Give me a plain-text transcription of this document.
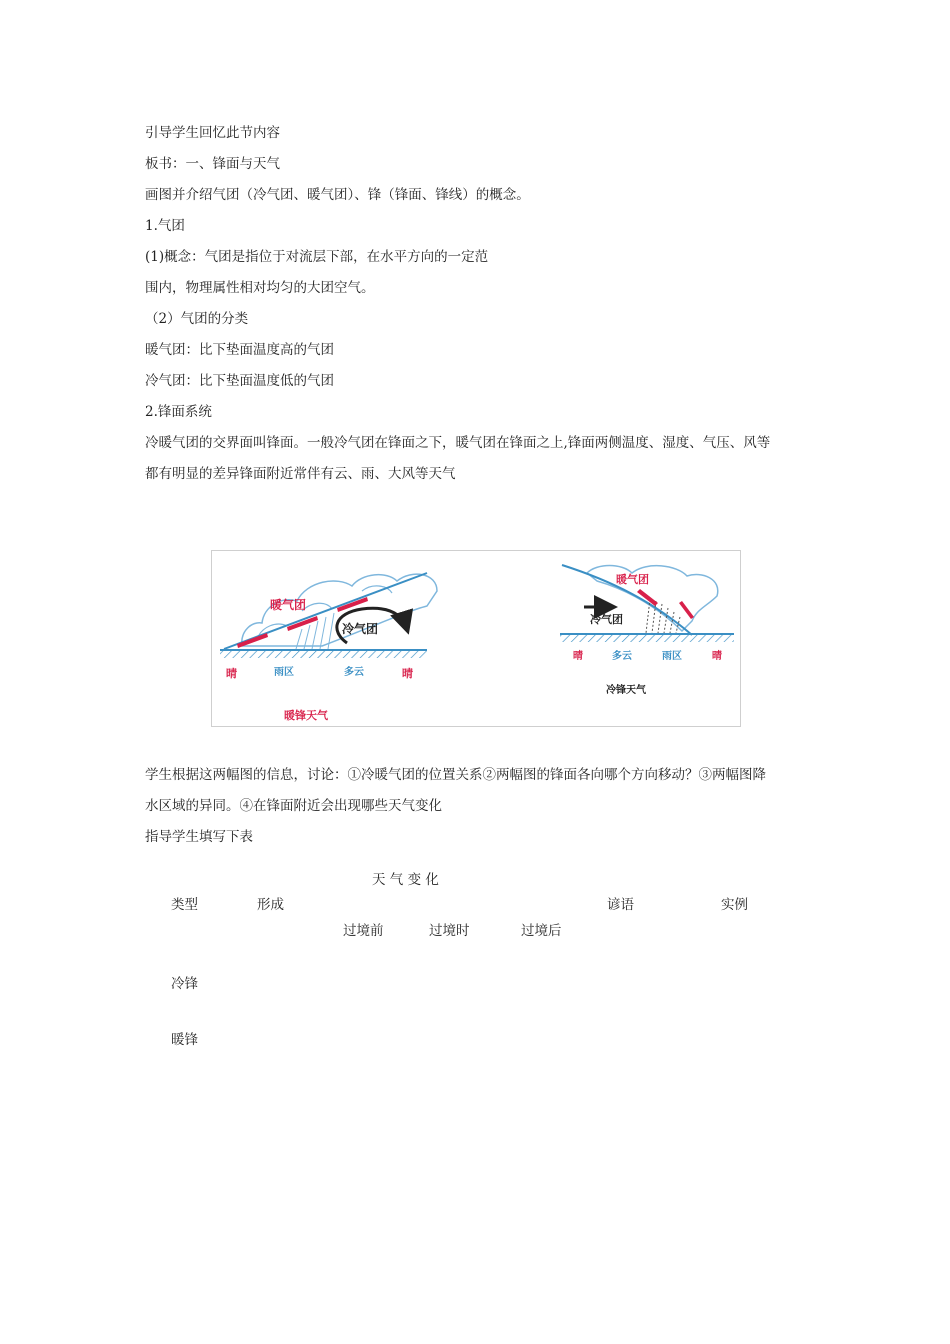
引导学生回忆此节内容
板书：一、锋面与天气
画图并介绍气团（冷气团、暖气团）、锋（锋面、锋线）的概念。
1.气团
(1)概念：气团是指位于对流层下部，在水平方向的一定范
围内，物理属性相对均匀的大团空气。
（2）气团的分类
暖气团：比下垫面温度高的气团
冷气团：比下垫面温度低的气团
2.锋面系统
冷暖气团的交界面叫锋面。一般冷气团在锋面之下，暖气团在锋面之上,锋面两侧温度、湿度、气压、风等
都有明显的差异锋面附近常伴有云、雨、大风等天气
暖气团
冷气团
晴	雨区	多云	晴
暖锋天气
暖气团
冷气团
晴	多云	雨区	晴
冷锋天气
学生根据这两幅图的信息，讨论：①冷暖气团的位置关系②两幅图的锋面各向哪个方向移动？③两幅图降
水区域的异同。④在锋面附近会出现哪些天气变化
指导学生填写下表
天 气 变 化
类型	形成	谚语	实例
过境前	过境时	过境后
冷锋
暖锋
